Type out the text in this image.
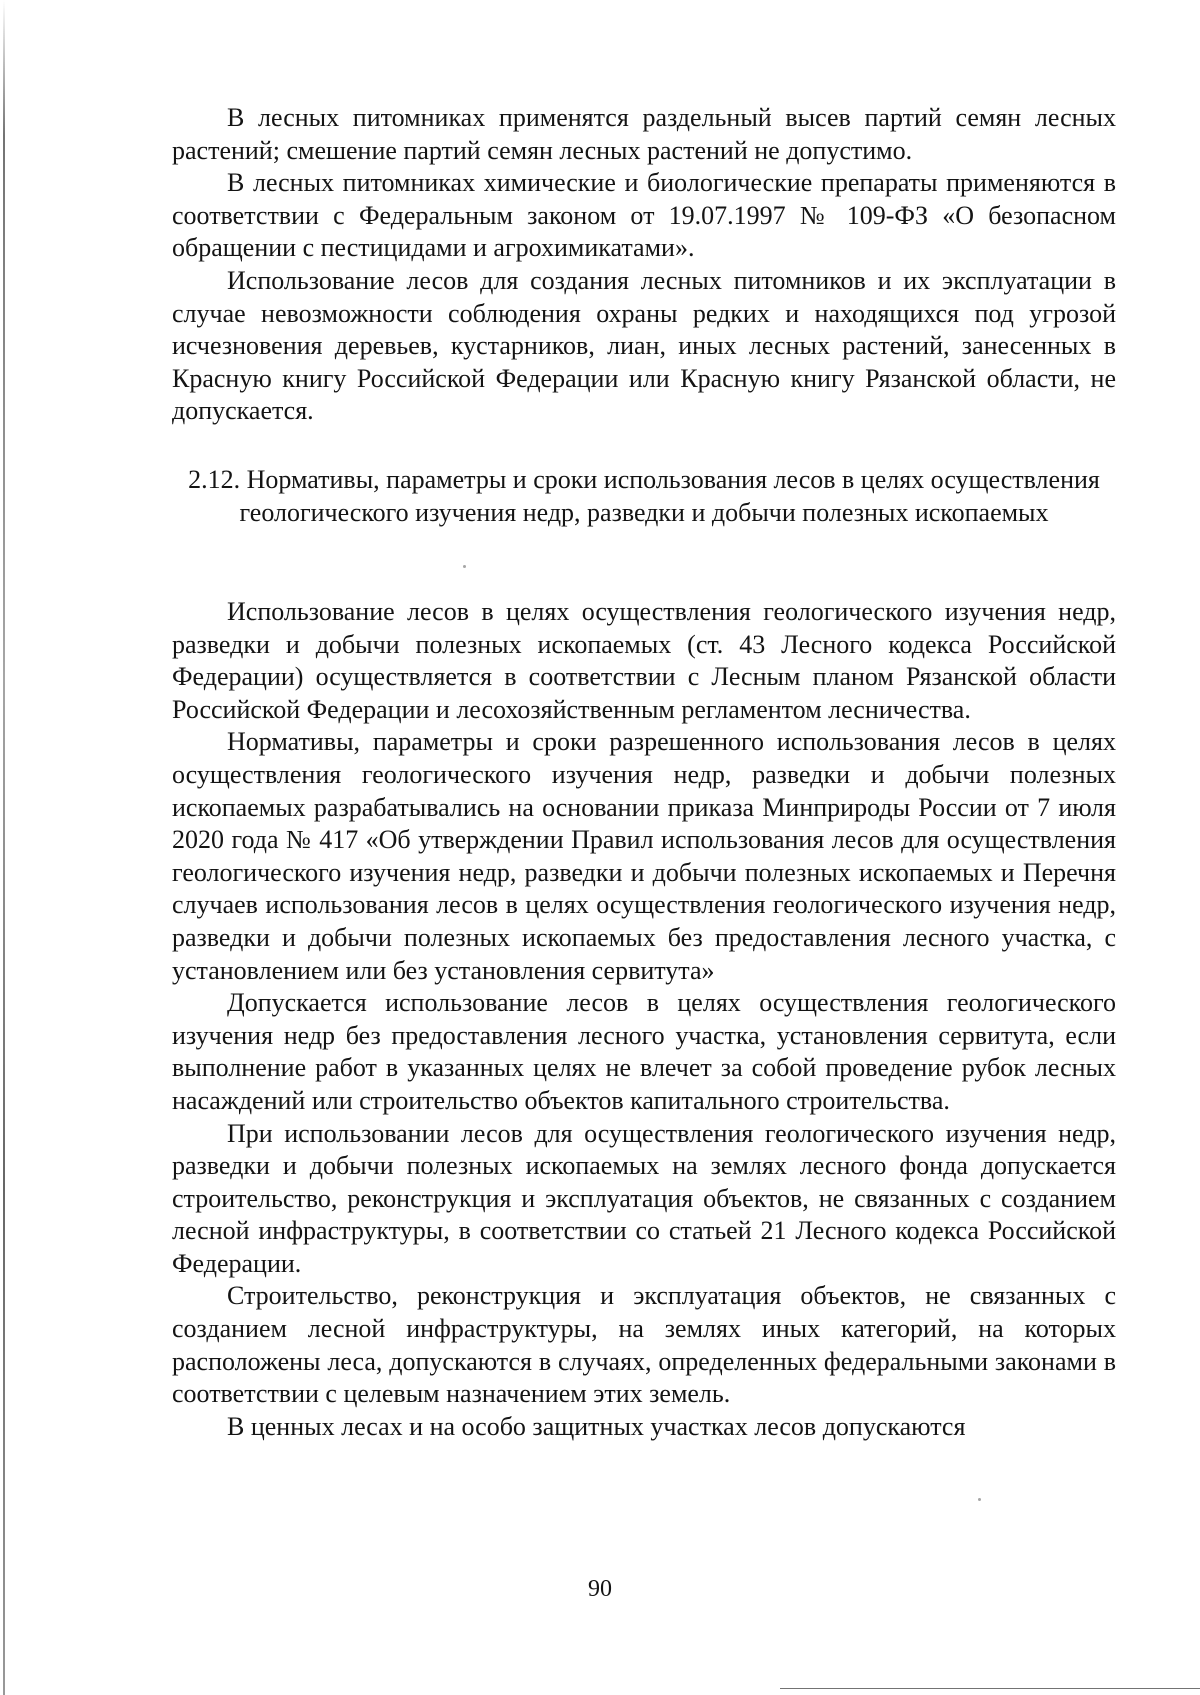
В лесных питомниках применятся раздельный высев партий семян лесных растений; смешение партий семян лесных растений не допустимо.

В лесных питомниках химические и биологические препараты применяются в соответствии с Федеральным законом от 19.07.1997 № 109-ФЗ «О безопасном обращении с пестицидами и агрохимикатами».

Использование лесов для создания лесных питомников и их эксплуатации в случае невозможности соблюдения охраны редких и находящихся под угрозой исчезновения деревьев, кустарников, лиан, иных лесных растений, занесенных в Красную книгу Российской Федерации или Красную книгу Рязанской области, не допускается.

2.12. Нормативы, параметры и сроки использования лесов в целях осуществления геологического изучения недр, разведки и добычи полезных ископаемых

Использование лесов в целях осуществления геологического изучения недр, разведки и добычи полезных ископаемых (ст. 43 Лесного кодекса Российской Федерации) осуществляется в соответствии с Лесным планом Рязанской области Российской Федерации и лесохозяйственным регламентом лесничества.

Нормативы, параметры и сроки разрешенного использования лесов в целях осуществления геологического изучения недр, разведки и добычи полезных ископаемых разрабатывались на основании приказа Минприроды России от 7 июля 2020 года № 417 «Об утверждении Правил использования лесов для осуществления геологического изучения недр, разведки и добычи полезных ископаемых и Перечня случаев использования лесов в целях осуществления геологического изучения недр, разведки и добычи полезных ископаемых без предоставления лесного участка, с установлением или без установления сервитута»

Допускается использование лесов в целях осуществления геологического изучения недр без предоставления лесного участка, установления сервитута, если выполнение работ в указанных целях не влечет за собой проведение рубок лесных насаждений или строительство объектов капитального строительства.

При использовании лесов для осуществления геологического изучения недр, разведки и добычи полезных ископаемых на землях лесного фонда допускается строительство, реконструкция и эксплуатация объектов, не связанных с созданием лесной инфраструктуры, в соответствии со статьей 21 Лесного кодекса Российской Федерации.

Строительство, реконструкция и эксплуатация объектов, не связанных с созданием лесной инфраструктуры, на землях иных категорий, на которых расположены леса, допускаются в случаях, определенных федеральными законами в соответствии с целевым назначением этих земель.

В ценных лесах и на особо защитных участках лесов допускаются

90
